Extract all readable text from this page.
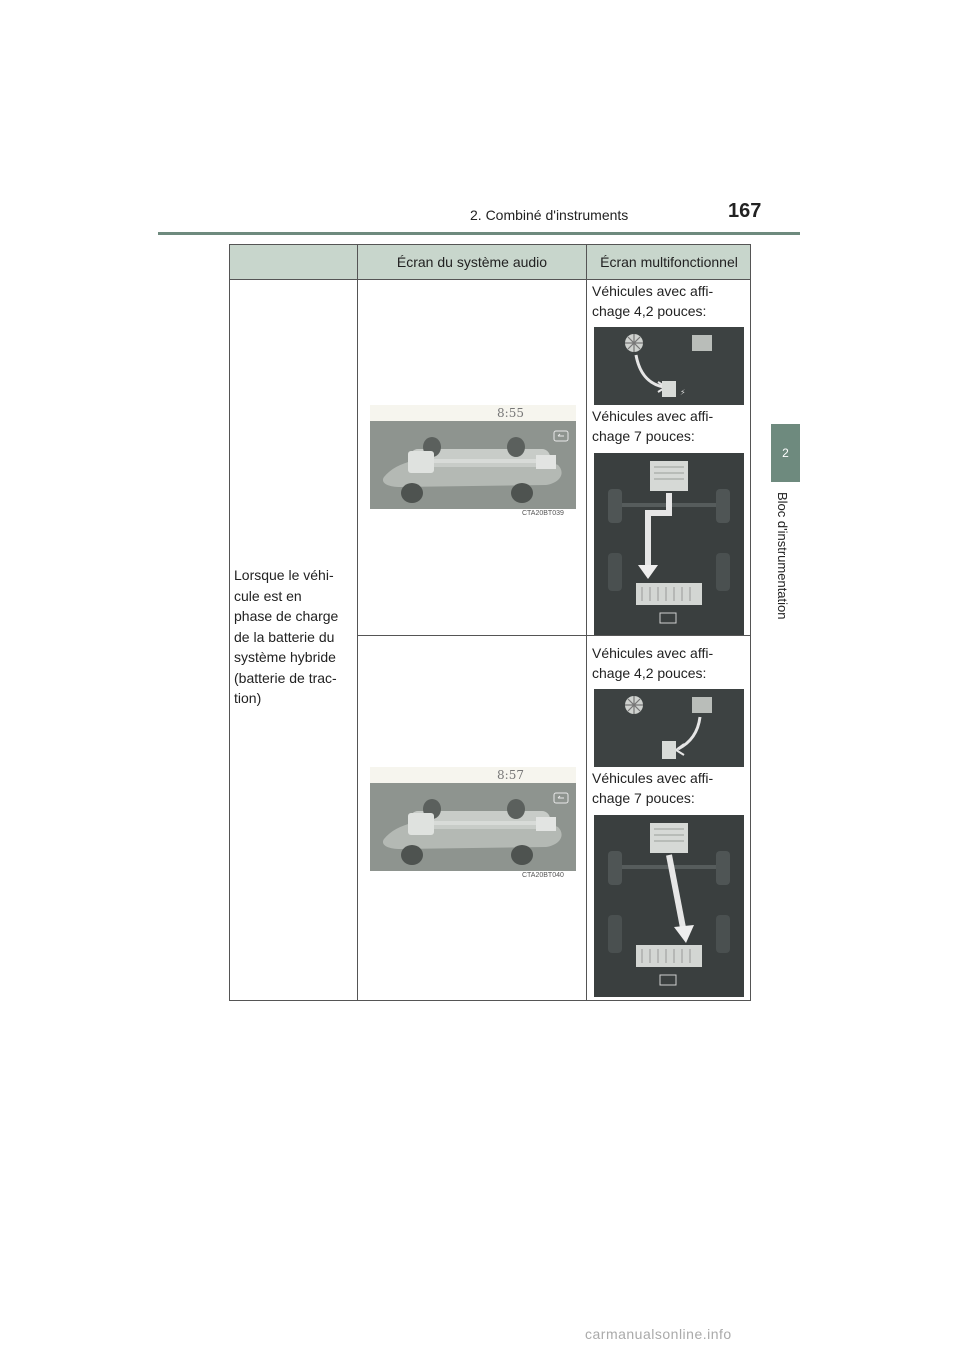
2. Combiné d'instruments	167
2
Bloc d'instrumentation
Écran du système audio	Écran multifonctionnel
Lorsque le véhi-
cule est en
phase de charge
de la batterie du
système hybride
(batterie de trac-
tion)
8:55
CTA20BT039
Véhicules avec affi-
chage 4,2 pouces:
⚡
Véhicules avec affi-
chage 7 pouces:
8:57
CTA20BT040
Véhicules avec affi-
chage 4,2 pouces:
Véhicules avec affi-
chage 7 pouces:
carmanualsonline.info
